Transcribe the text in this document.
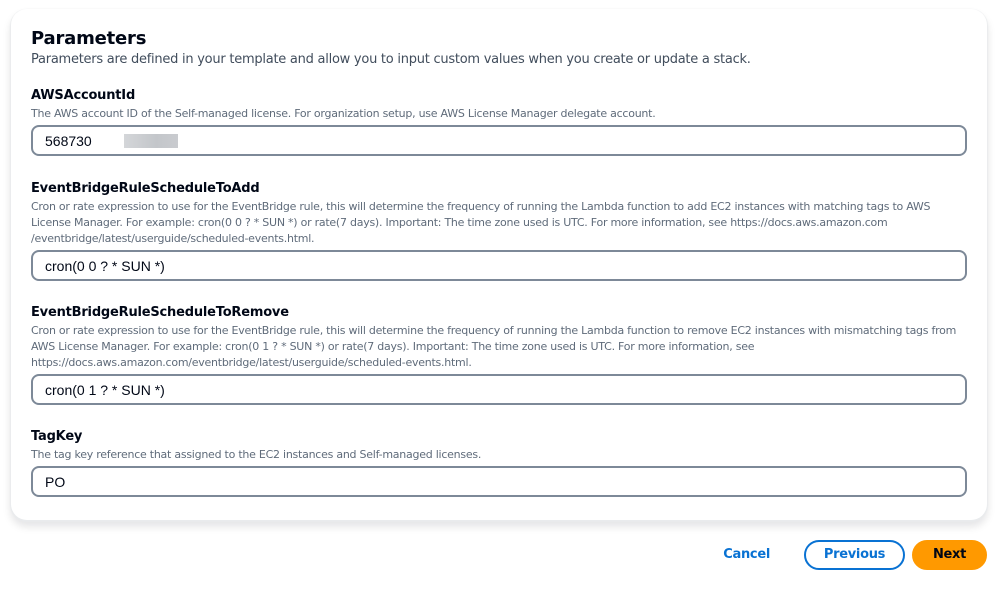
Parameters

Parameters are defined in your template and allow you to input custom values when you create or update a stack.

AWSAccountId
The AWS account ID of the Self-managed license. For organization setup, use AWS License Manager delegate account.
568730
EventBridgeRuleScheduleToAdd
Cron or rate expression to use for the EventBridge rule, this will determine the frequency of running the Lambda function to add EC2 instances with matching tags to AWS License Manager. For example: cron(0 0 ? * SUN *) or rate(7 days). Important: The time zone used is UTC. For more information, see https://docs.aws.amazon.com /eventbridge/latest/userguide/scheduled-events.html.
cron(0 0 ? * SUN *)
EventBridgeRuleScheduleToRemove
Cron or rate expression to use for the EventBridge rule, this will determine the frequency of running the Lambda function to remove EC2 instances with mismatching tags from AWS License Manager. For example: cron(0 1 ? * SUN *) or rate(7 days). Important: The time zone used is UTC. For more information, see https://docs.aws.amazon.com/eventbridge/latest/userguide/scheduled-events.html.
cron(0 1 ? * SUN *)
TagKey
The tag key reference that assigned to the EC2 instances and Self-managed licenses.
PO
Cancel	Previous	Next
